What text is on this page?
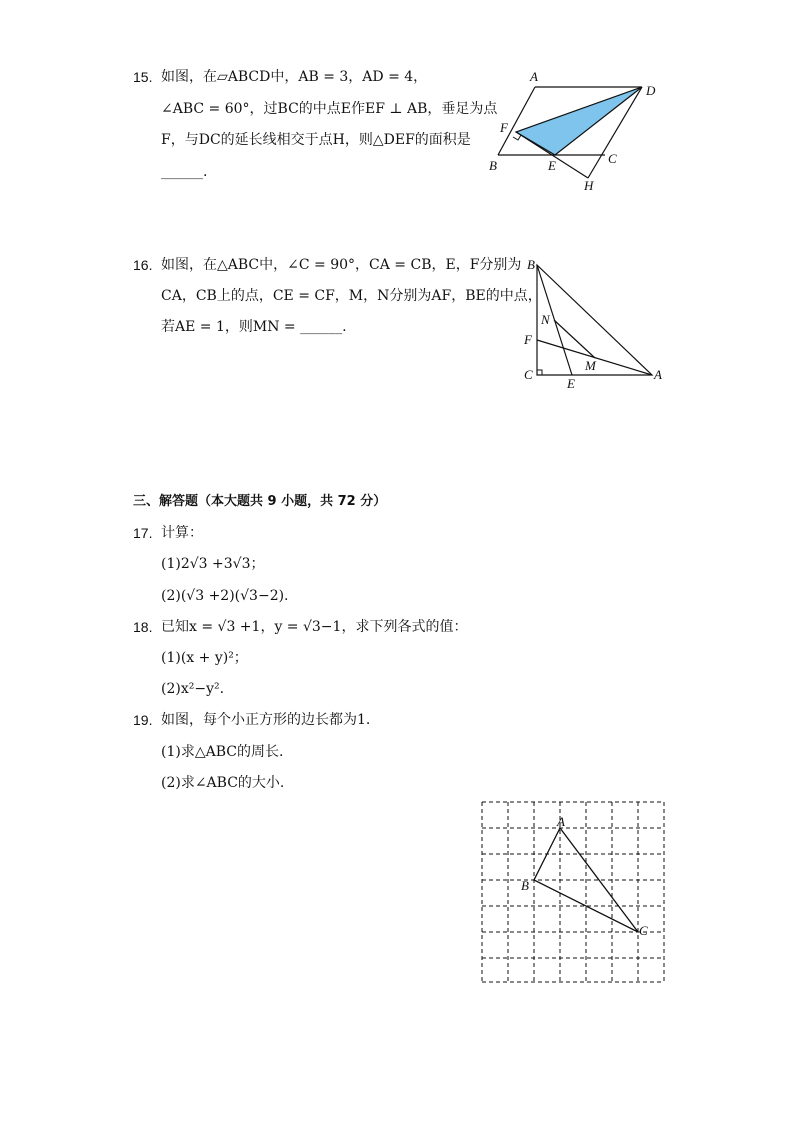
15. 如图，在▱ABCD中，AB = 3，AD = 4，
∠ABC = 60°，过BC的中点E作EF ⊥ AB，垂足为点
F，与DC的延长线相交于点H，则△DEF的面积是
______.
A
D
F
B	E	C
H
16. 如图，在△ABC中，∠C = 90°，CA = CB，E，F分别为
CA，CB上的点，CE = CF，M，N分别为AF，BE的中点，
若AE = 1，则MN = ______.
B
N
F
M
C
E
A
三、解答题（本大题共 9 小题，共 72 分）
17. 计算：
(1)2√3 +3√3；
(2)(√3 +2)(√3−2).
18. 已知x = √3 +1，y = √3−1，求下列各式的值：
(1)(x + y)²；
(2)x²−y².
19. 如图，每个小正方形的边长都为1.
(1)求△ABC的周长.
(2)求∠ABC的大小.
A
B
C
